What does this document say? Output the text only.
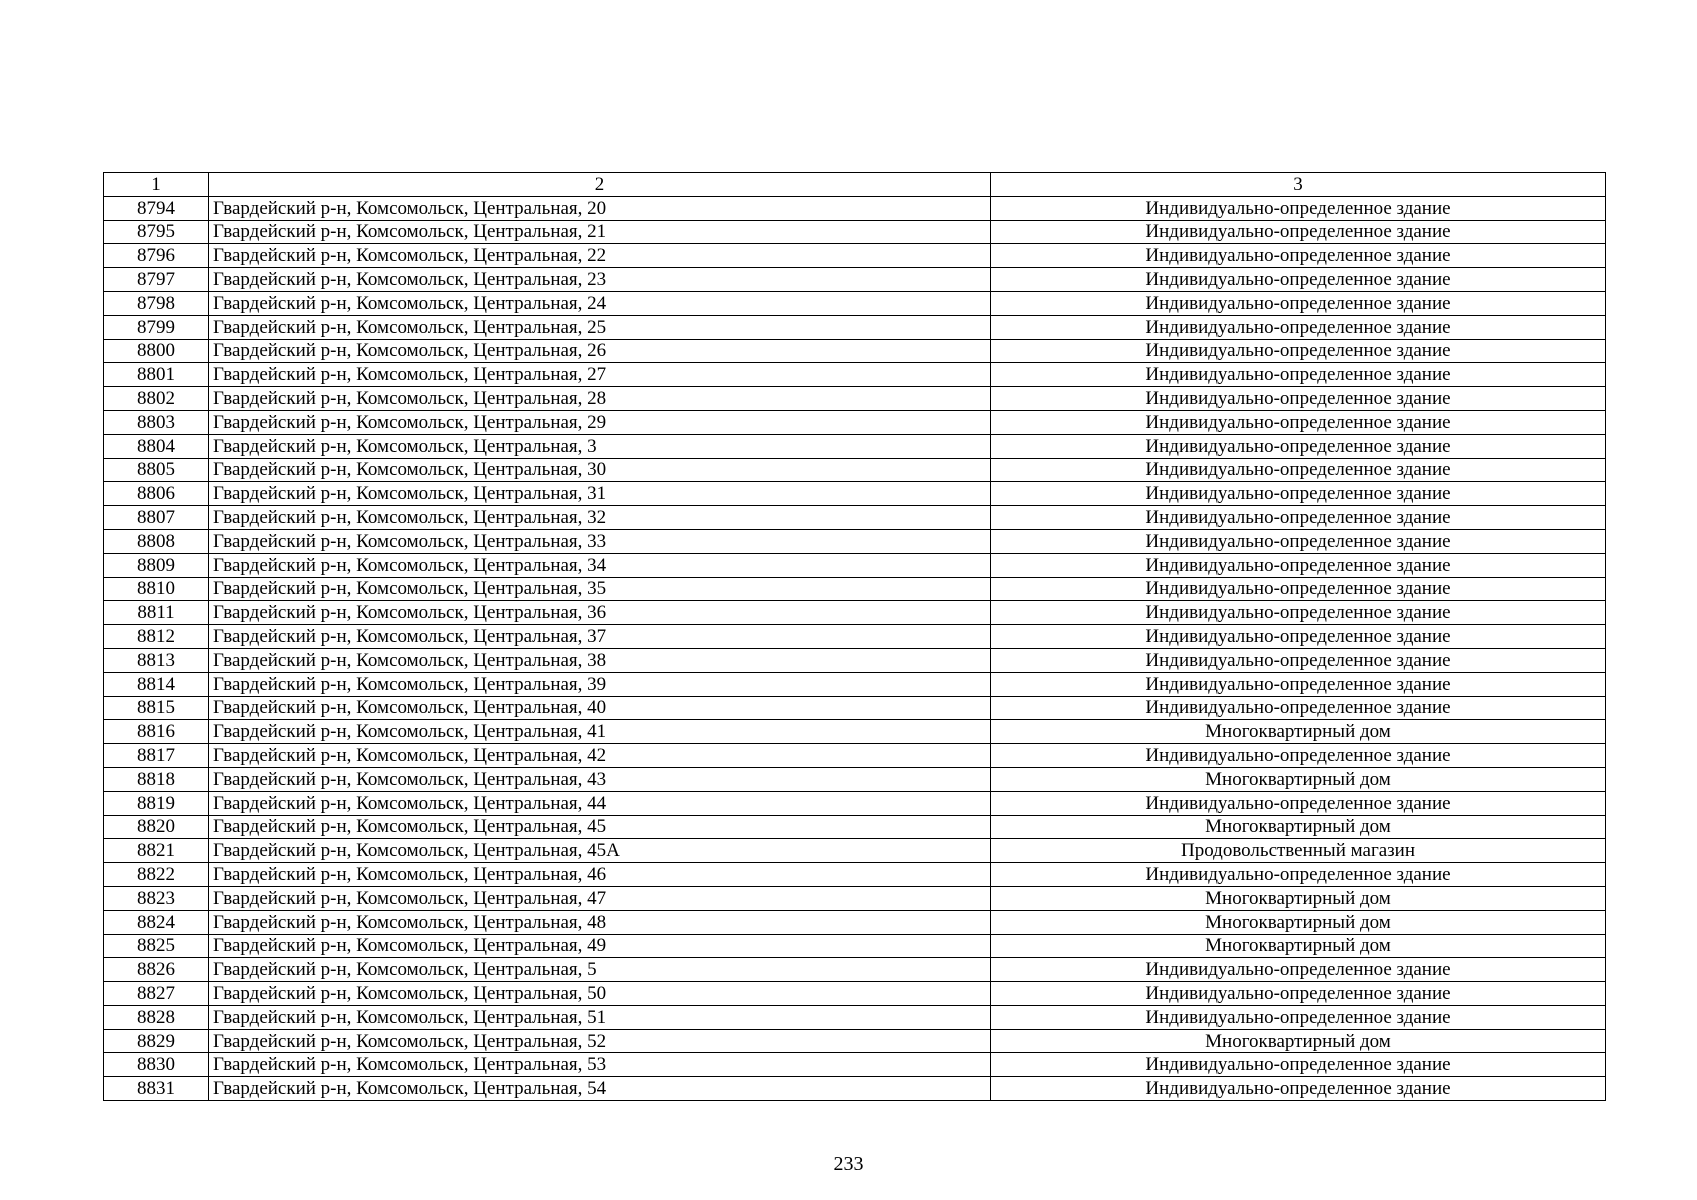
1	2	3
8794	Гвардейский р-н, Комсомольск, Центральная, 20	Индивидуально-определенное здание
8795	Гвардейский р-н, Комсомольск, Центральная, 21	Индивидуально-определенное здание
8796	Гвардейский р-н, Комсомольск, Центральная, 22	Индивидуально-определенное здание
8797	Гвардейский р-н, Комсомольск, Центральная, 23	Индивидуально-определенное здание
8798	Гвардейский р-н, Комсомольск, Центральная, 24	Индивидуально-определенное здание
8799	Гвардейский р-н, Комсомольск, Центральная, 25	Индивидуально-определенное здание
8800	Гвардейский р-н, Комсомольск, Центральная, 26	Индивидуально-определенное здание
8801	Гвардейский р-н, Комсомольск, Центральная, 27	Индивидуально-определенное здание
8802	Гвардейский р-н, Комсомольск, Центральная, 28	Индивидуально-определенное здание
8803	Гвардейский р-н, Комсомольск, Центральная, 29	Индивидуально-определенное здание
8804	Гвардейский р-н, Комсомольск, Центральная, 3	Индивидуально-определенное здание
8805	Гвардейский р-н, Комсомольск, Центральная, 30	Индивидуально-определенное здание
8806	Гвардейский р-н, Комсомольск, Центральная, 31	Индивидуально-определенное здание
8807	Гвардейский р-н, Комсомольск, Центральная, 32	Индивидуально-определенное здание
8808	Гвардейский р-н, Комсомольск, Центральная, 33	Индивидуально-определенное здание
8809	Гвардейский р-н, Комсомольск, Центральная, 34	Индивидуально-определенное здание
8810	Гвардейский р-н, Комсомольск, Центральная, 35	Индивидуально-определенное здание
8811	Гвардейский р-н, Комсомольск, Центральная, 36	Индивидуально-определенное здание
8812	Гвардейский р-н, Комсомольск, Центральная, 37	Индивидуально-определенное здание
8813	Гвардейский р-н, Комсомольск, Центральная, 38	Индивидуально-определенное здание
8814	Гвардейский р-н, Комсомольск, Центральная, 39	Индивидуально-определенное здание
8815	Гвардейский р-н, Комсомольск, Центральная, 40	Индивидуально-определенное здание
8816	Гвардейский р-н, Комсомольск, Центральная, 41	Многоквартирный дом
8817	Гвардейский р-н, Комсомольск, Центральная, 42	Индивидуально-определенное здание
8818	Гвардейский р-н, Комсомольск, Центральная, 43	Многоквартирный дом
8819	Гвардейский р-н, Комсомольск, Центральная, 44	Индивидуально-определенное здание
8820	Гвардейский р-н, Комсомольск, Центральная, 45	Многоквартирный дом
8821	Гвардейский р-н, Комсомольск, Центральная, 45А	Продовольственный магазин
8822	Гвардейский р-н, Комсомольск, Центральная, 46	Индивидуально-определенное здание
8823	Гвардейский р-н, Комсомольск, Центральная, 47	Многоквартирный дом
8824	Гвардейский р-н, Комсомольск, Центральная, 48	Многоквартирный дом
8825	Гвардейский р-н, Комсомольск, Центральная, 49	Многоквартирный дом
8826	Гвардейский р-н, Комсомольск, Центральная, 5	Индивидуально-определенное здание
8827	Гвардейский р-н, Комсомольск, Центральная, 50	Индивидуально-определенное здание
8828	Гвардейский р-н, Комсомольск, Центральная, 51	Индивидуально-определенное здание
8829	Гвардейский р-н, Комсомольск, Центральная, 52	Многоквартирный дом
8830	Гвардейский р-н, Комсомольск, Центральная, 53	Индивидуально-определенное здание
8831	Гвардейский р-н, Комсомольск, Центральная, 54	Индивидуально-определенное здание
233
